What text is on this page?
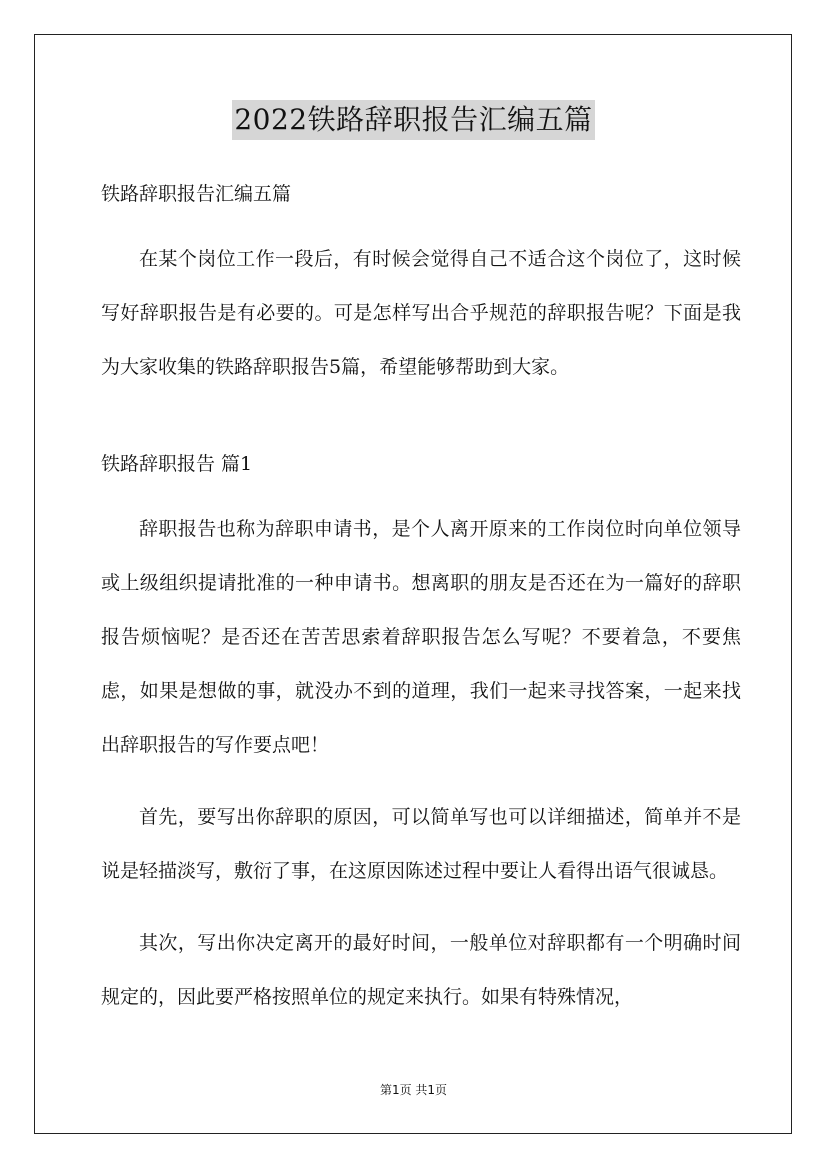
2022铁路辞职报告汇编五篇

铁路辞职报告汇编五篇

在某个岗位工作一段后，有时候会觉得自己不适合这个岗位了，这时候写好辞职报告是有必要的。可是怎样写出合乎规范的辞职报告呢？下面是我为大家收集的铁路辞职报告5篇，希望能够帮助到大家。

铁路辞职报告 篇1

辞职报告也称为辞职申请书，是个人离开原来的工作岗位时向单位领导或上级组织提请批准的一种申请书。想离职的朋友是否还在为一篇好的辞职报告烦恼呢？是否还在苦苦思索着辞职报告怎么写呢？不要着急，不要焦虑，如果是想做的事，就没办不到的道理，我们一起来寻找答案，一起来找出辞职报告的写作要点吧！

首先，要写出你辞职的原因，可以简单写也可以详细描述，简单并不是说是轻描淡写，敷衍了事，在这原因陈述过程中要让人看得出语气很诚恳。

其次，写出你决定离开的最好时间，一般单位对辞职都有一个明确时间规定的，因此要严格按照单位的规定来执行。如果有特殊情况，

第1页 共1页
